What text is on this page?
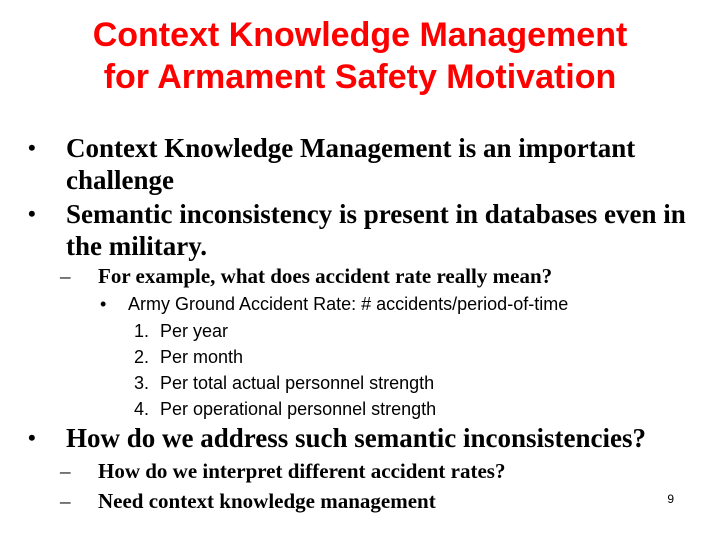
Context Knowledge Management
for Armament Safety Motivation
• Context Knowledge Management is an important challenge
• Semantic inconsistency is present in databases even in the military.
– For example, what does accident rate really mean?
• Army Ground Accident Rate: # accidents/period-of-time
1. Per year
2. Per month
3. Per total actual personnel strength
4. Per operational personnel strength
• How do we address such semantic inconsistencies?
– How do we interpret different accident rates?
– Need context knowledge management	9
